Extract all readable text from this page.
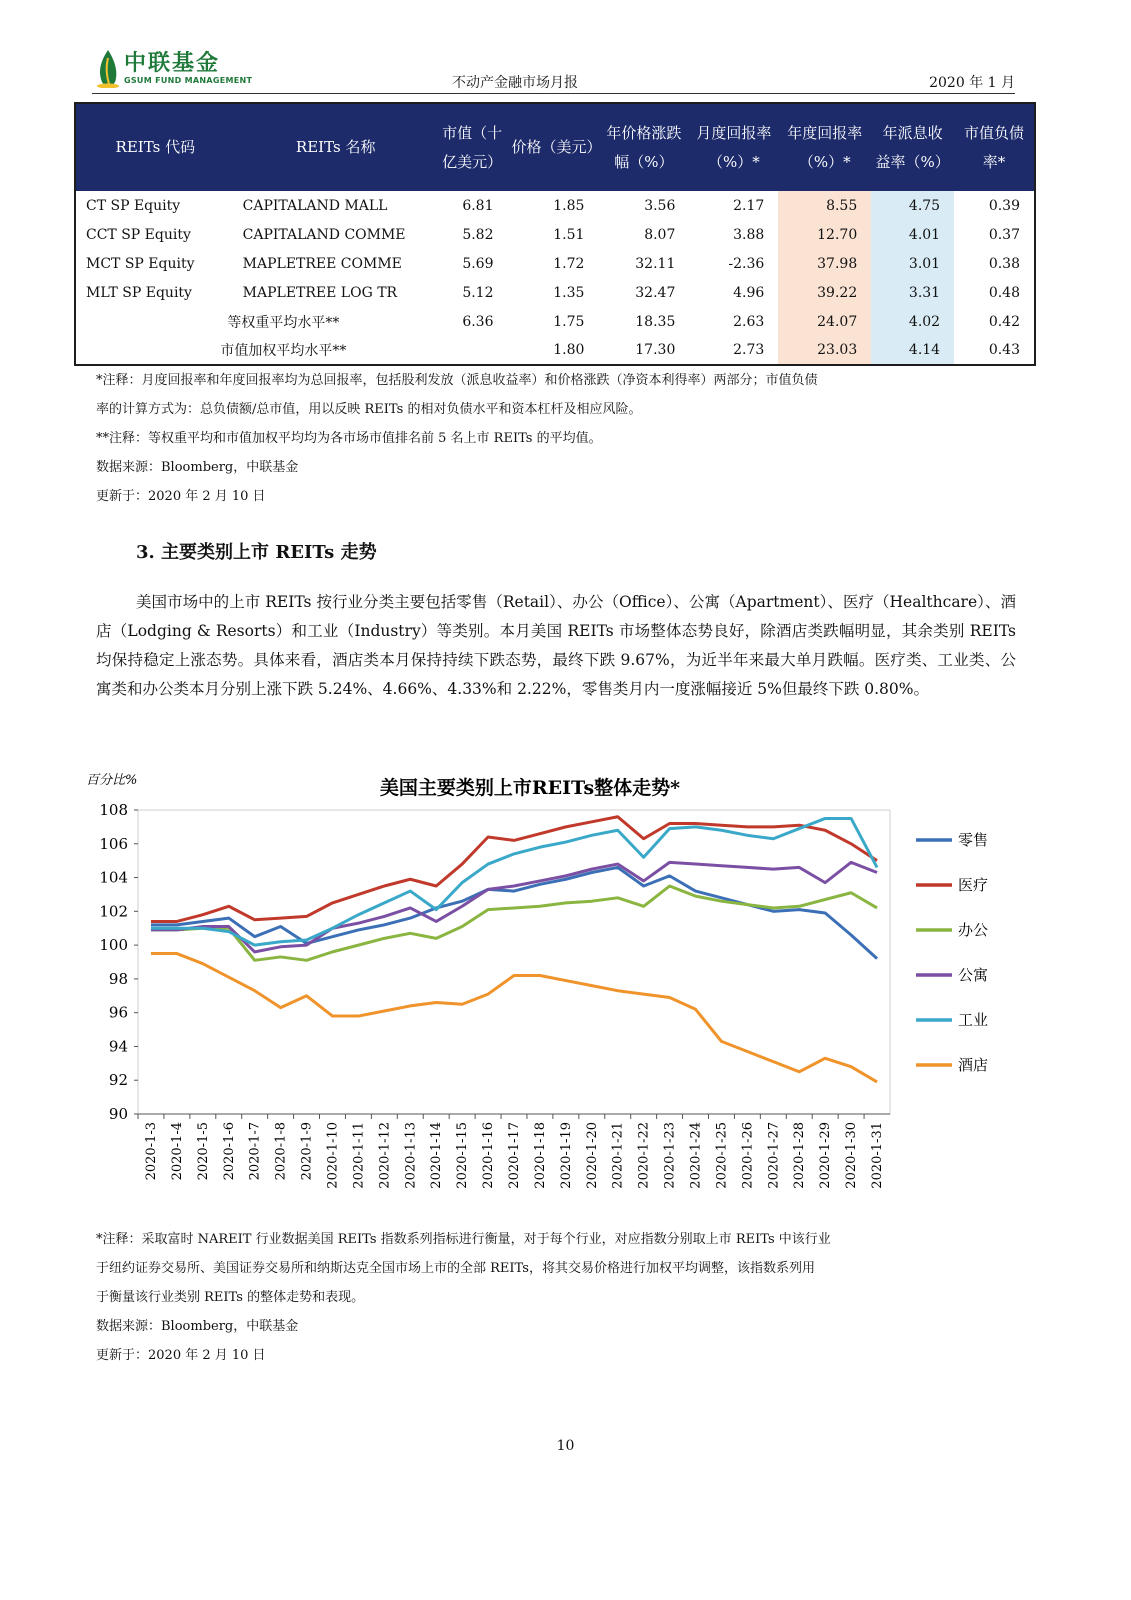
中联基金
GSUM FUND MANAGEMENT	不动产金融市场月报	2020 年 1 月
REITs 代码	REITs 名称	市值（十亿美元）	价格（美元）	年价格涨跌幅（%）	月度回报率（%）*	年度回报率（%）*	年派息收益率（%）	市值负债率*
CT SP Equity	CAPITALAND MALL	6.81	1.85	3.56	2.17	8.55	4.75	0.39
CCT SP Equity	CAPITALAND COMME	5.82	1.51	8.07	3.88	12.70	4.01	0.37
MCT SP Equity	MAPLETREE COMME	5.69	1.72	32.11	-2.36	37.98	3.01	0.38
MLT SP Equity	MAPLETREE LOG TR	5.12	1.35	32.47	4.96	39.22	3.31	0.48
等权重平均水平**		6.36	1.75	18.35	2.63	24.07	4.02	0.42
市值加权平均水平**			1.80	17.30	2.73	23.03	4.14	0.43
*注释：月度回报率和年度回报率均为总回报率，包括股利发放（派息收益率）和价格涨跌（净资本利得率）两部分；市值负债
率的计算方式为：总负债额/总市值，用以反映 REITs 的相对负债水平和资本杠杆及相应风险。
**注释：等权重平均和市值加权平均均为各市场市值排名前 5 名上市 REITs 的平均值。
数据来源：Bloomberg，中联基金
更新于：2020 年 2 月 10 日
3. 主要类别上市 REITs 走势

美国市场中的上市 REITs 按行业分类主要包括零售（Retail）、办公（Office）、公寓（Apartment）、医疗（Healthcare）、酒店（Lodging & Resorts）和工业（Industry）等类别。本月美国 REITs 市场整体态势良好，除酒店类跌幅明显，其余类别 REITs 均保持稳定上涨态势。具体来看，酒店类本月保持持续下跌态势，最终下跌 9.67%，为近半年来最大单月跌幅。医疗类、工业类、公寓类和办公类本月分别上涨下跌 5.24%、4.66%、4.33%和 2.22%，零售类月内一度涨幅接近 5%但最终下跌 0.80%。

美国主要类别上市REITs整体走势*
百分比%
90
92
94
96
98
100
102
104
106
108
2020-1-3 2020-1-4 2020-1-5 2020-1-6 2020-1-7 2020-1-8 2020-1-9 2020-1-10 2020-1-11 2020-1-12 2020-1-13 2020-1-14 2020-1-15 2020-1-16 2020-1-17 2020-1-18 2020-1-19 2020-1-20 2020-1-21 2020-1-22 2020-1-23 2020-1-24 2020-1-25 2020-1-26 2020-1-27 2020-1-28 2020-1-29 2020-1-30 2020-1-31
零售
医疗
办公
公寓
工业
酒店
*注释：采取富时 NAREIT 行业数据美国 REITs 指数系列指标进行衡量，对于每个行业，对应指数分别取上市 REITs 中该行业
于纽约证券交易所、美国证券交易所和纳斯达克全国市场上市的全部 REITs，将其交易价格进行加权平均调整，该指数系列用
于衡量该行业类别 REITs 的整体走势和表现。
数据来源：Bloomberg，中联基金
更新于：2020 年 2 月 10 日
10
